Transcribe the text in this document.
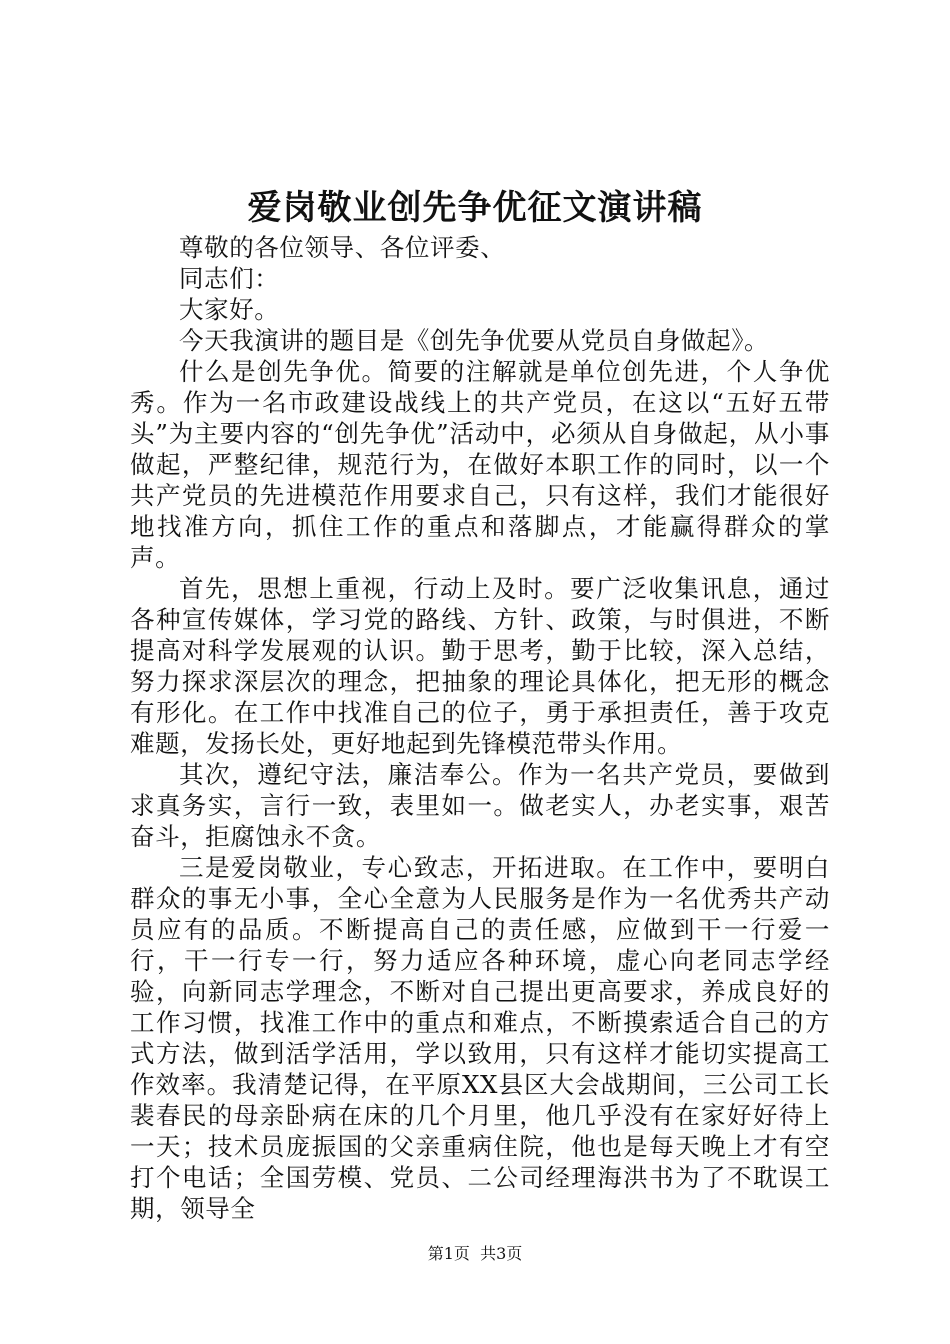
爱岗敬业创先争优征文演讲稿

尊敬的各位领导、各位评委、

同志们：

大家好。

今天我演讲的题目是《创先争优要从党员自身做起》。

什么是创先争优。简要的注解就是单位创先进，个人争优秀。作为一名市政建设战线上的共产党员，在这以“五好五带头”为主要内容的“创先争优”活动中，必须从自身做起，从小事做起，严整纪律，规范行为，在做好本职工作的同时，以一个共产党员的先进模范作用要求自己，只有这样，我们才能很好地找准方向，抓住工作的重点和落脚点，才能赢得群众的掌声。

首先，思想上重视，行动上及时。要广泛收集讯息，通过各种宣传媒体，学习党的路线、方针、政策，与时俱进，不断提高对科学发展观的认识。勤于思考，勤于比较，深入总结，努力探求深层次的理念，把抽象的理论具体化，把无形的概念有形化。在工作中找准自己的位子，勇于承担责任，善于攻克难题，发扬长处，更好地起到先锋模范带头作用。

其次，遵纪守法，廉洁奉公。作为一名共产党员，要做到求真务实，言行一致，表里如一。做老实人，办老实事，艰苦奋斗，拒腐蚀永不贪。

三是爱岗敬业，专心致志，开拓进取。在工作中，要明白群众的事无小事，全心全意为人民服务是作为一名优秀共产动员应有的品质。不断提高自己的责任感，应做到干一行爱一行，干一行专一行，努力适应各种环境，虚心向老同志学经验，向新同志学理念，不断对自己提出更高要求，养成良好的工作习惯，找准工作中的重点和难点，不断摸索适合自己的方式方法，做到活学活用，学以致用，只有这样才能切实提高工作效率。我清楚记得，在平原XX县区大会战期间，三公司工长裴春民的母亲卧病在床的几个月里，他几乎没有在家好好待上一天；技术员庞振国的父亲重病住院，他也是每天晚上才有空打个电话；全国劳模、党员、二公司经理海洪书为了不耽误工期，领导全

第1页  共3页
